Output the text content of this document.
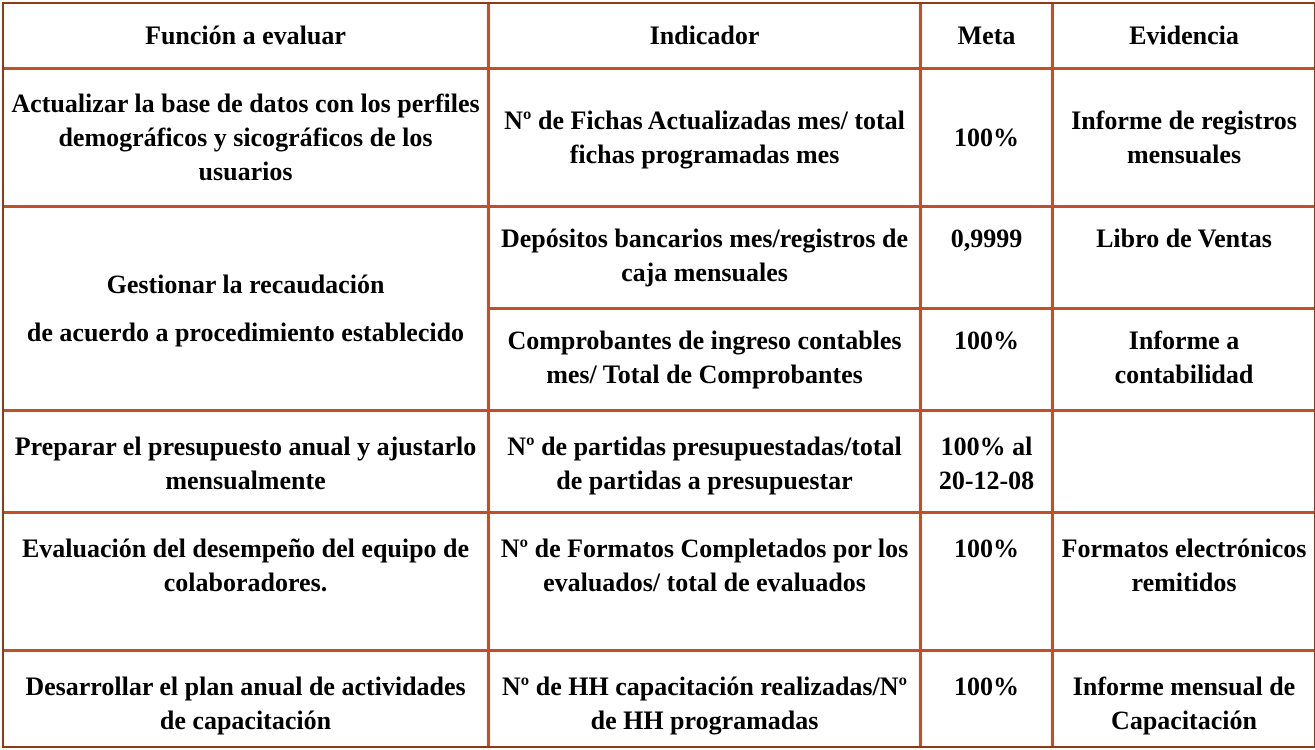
Función a evaluar	Indicador	Meta	Evidencia
Actualizar la base de datos con los perfiles demográficos y sicográficos de los usuarios	Nº de Fichas Actualizadas mes/ total fichas programadas mes	100%	Informe de registros mensuales

Gestionar la recaudación

de acuerdo a procedimiento establecido	Depósitos bancarios mes/registros de caja mensuales	0,9999	Libro de Ventas
	Comprobantes de ingreso contables mes/ Total de Comprobantes	100%	Informe a contabilidad
Preparar el presupuesto anual y ajustarlo mensualmente	Nº de partidas presupuestadas/total de partidas a presupuestar	100% al 20-12-08	
Evaluación del desempeño del equipo de colaboradores.	Nº de Formatos Completados por los evaluados/ total de evaluados	100%	Formatos electrónicos remitidos
Desarrollar el plan anual de actividades de capacitación	Nº de HH capacitación realizadas/Nº de HH programadas	100%	Informe mensual de Capacitación
